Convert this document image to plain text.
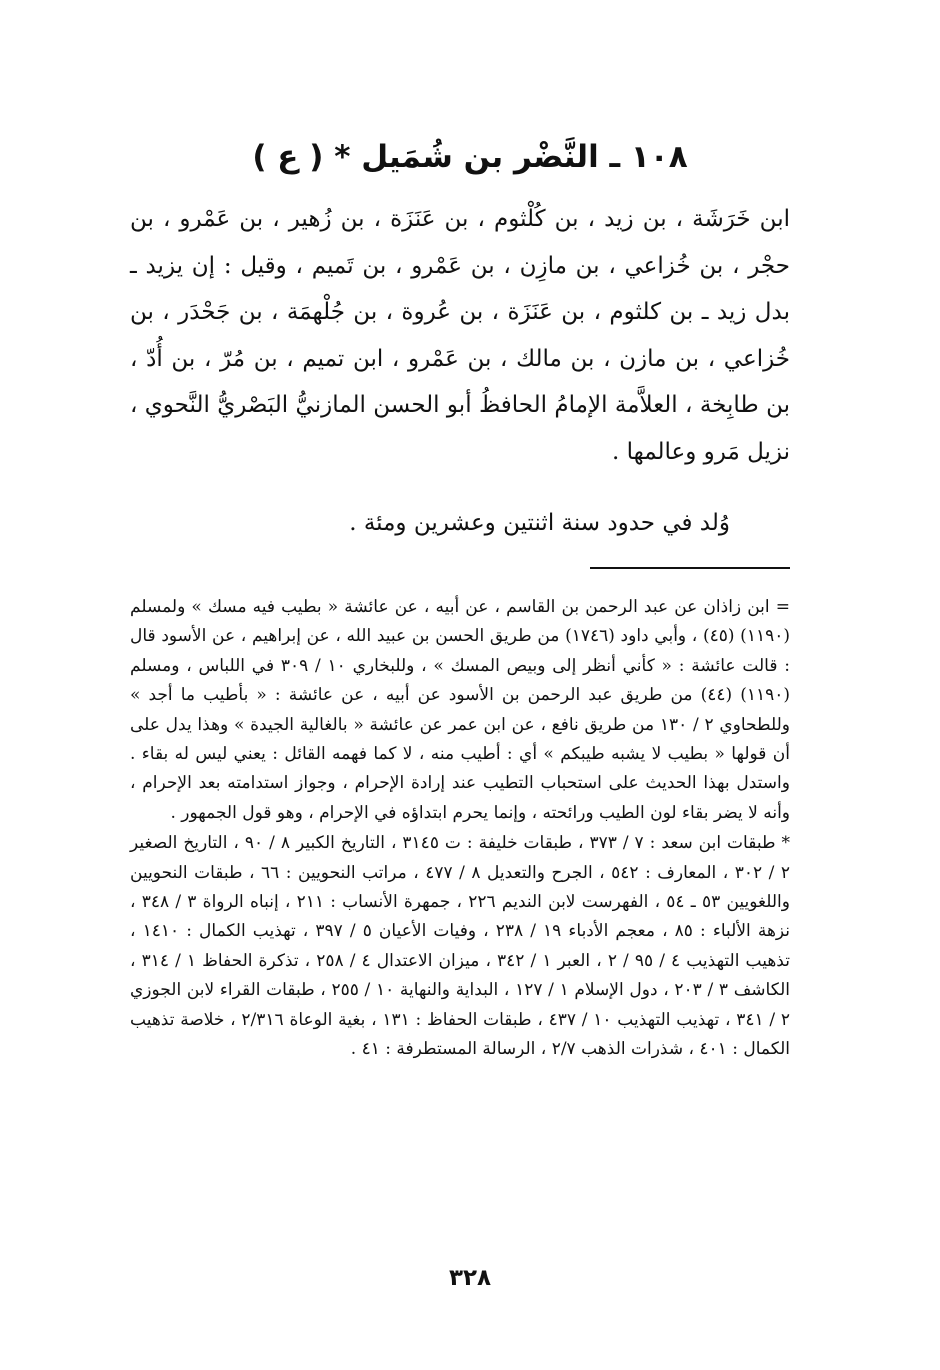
١٠٨ ـ النَّضْر بن شُمَيل * ( ع )

ابن خَرَشَة ، بن زيد ، بن كُلْثوم ، بن عَنَزَة ، بن زُهير ، بن عَمْرو ، بن حجْر ، بن خُزاعي ، بن مازِن ، بن عَمْرو ، بن تَميم ، وقيل : إن يزيد ـ بدل زيد ـ بن كلثوم ، بن عَنَزَة ، بن عُروة ، بن جُلْهمَة ، بن جَحْدَر ، بن خُزاعي ، بن مازن ، بن مالك ، بن عَمْرو ، ابن تميم ، بن مُرّ ، بن أُدّ ، بن طابِخة ، العلاَّمة الإمامُ الحافظُ أبو الحسن المازنيُّ البَصْريُّ النَّحوي ، نزيل مَرو وعالمها .

وُلد في حدود سنة اثنتين وعشرين ومئة .

= ابن زاذان عن عبد الرحمن بن القاسم ، عن أبيه ، عن عائشة « بطيب فيه مسك » ولمسلم (١١٩٠) (٤٥) ، وأبي داود (١٧٤٦) من طريق الحسن بن عبيد الله ، عن إبراهيم ، عن الأسود قال : قالت عائشة : « كأني أنظر إلى وبيص المسك » ، وللبخاري ١٠ / ٣٠٩ في اللباس ، ومسلم (١١٩٠) (٤٤) من طريق عبد الرحمن بن الأسود عن أبيه ، عن عائشة : « بأطيب ما أجد » وللطحاوي ٢ / ١٣٠ من طريق نافع ، عن ابن عمر عن عائشة « بالغالية الجيدة » وهذا يدل على أن قولها « بطيب لا يشبه طيبكم » أي : أطيب منه ، لا كما فهمه القائل : يعني ليس له بقاء . واستدل بهذا الحديث على استحباب التطيب عند إرادة الإحرام ، وجواز استدامته بعد الإحرام ، وأنه لا يضر بقاء لون الطيب ورائحته ، وإنما يحرم ابتداؤه في الإحرام ، وهو قول الجمهور .

* طبقات ابن سعد : ٧ / ٣٧٣ ، طبقات خليفة : ت ٣١٤٥ ، التاريخ الكبير ٨ / ٩٠ ، التاريخ الصغير ٢ / ٣٠٢ ، المعارف : ٥٤٢ ، الجرح والتعديل ٨ / ٤٧٧ ، مراتب النحويين : ٦٦ ، طبقات النحويين واللغويين ٥٣ ـ ٥٤ ، الفهرست لابن النديم ٢٢٦ ، جمهرة الأنساب : ٢١١ ، إنباه الرواة ٣ / ٣٤٨ ، نزهة الألباء : ٨٥ ، معجم الأدباء ١٩ / ٢٣٨ ، وفيات الأعيان ٥ / ٣٩٧ ، تهذيب الكمال : ١٤١٠ ، تذهيب التهذيب ٤ / ٩٥ / ٢ ، العبر ١ / ٣٤٢ ، ميزان الاعتدال ٤ / ٢٥٨ ، تذكرة الحفاظ ١ / ٣١٤ ، الكاشف ٣ / ٢٠٣ ، دول الإسلام ١ / ١٢٧ ، البداية والنهاية ١٠ / ٢٥٥ ، طبقات القراء لابن الجوزي ٢ / ٣٤١ ، تهذيب التهذيب ١٠ / ٤٣٧ ، طبقات الحفاظ : ١٣١ ، بغية الوعاة ٢/٣١٦ ، خلاصة تذهيب الكمال : ٤٠١ ، شذرات الذهب ٢/٧ ، الرسالة المستطرفة : ٤١ .

٣٢٨
